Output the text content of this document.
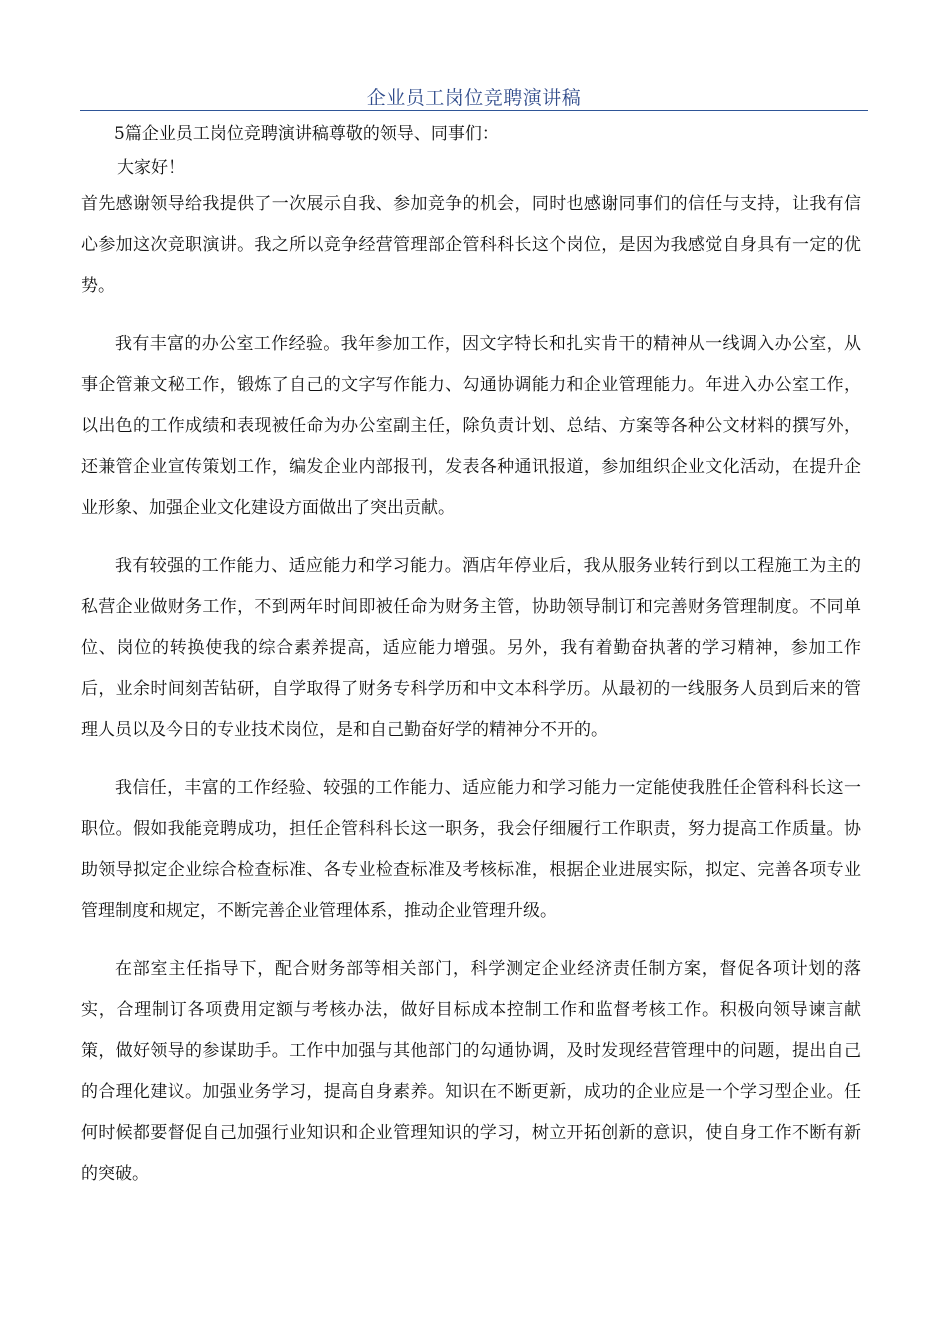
企业员工岗位竞聘演讲稿

5篇企业员工岗位竞聘演讲稿尊敬的领导、同事们：

大家好！

首先感谢领导给我提供了一次展示自我、参加竞争的机会，同时也感谢同事们的信任与支持，让我有信心参加这次竞职演讲。我之所以竞争经营管理部企管科科长这个岗位，是因为我感觉自身具有一定的优势。

我有丰富的办公室工作经验。我年参加工作，因文字特长和扎实肯干的精神从一线调入办公室，从事企管兼文秘工作，锻炼了自己的文字写作能力、勾通协调能力和企业管理能力。年进入办公室工作，以出色的工作成绩和表现被任命为办公室副主任，除负责计划、总结、方案等各种公文材料的撰写外，还兼管企业宣传策划工作，编发企业内部报刊，发表各种通讯报道，参加组织企业文化活动，在提升企业形象、加强企业文化建设方面做出了突出贡献。

我有较强的工作能力、适应能力和学习能力。酒店年停业后，我从服务业转行到以工程施工为主的私营企业做财务工作，不到两年时间即被任命为财务主管，协助领导制订和完善财务管理制度。不同单位、岗位的转换使我的综合素养提高，适应能力增强。另外，我有着勤奋执著的学习精神，参加工作后，业余时间刻苦钻研，自学取得了财务专科学历和中文本科学历。从最初的一线服务人员到后来的管理人员以及今日的专业技术岗位，是和自己勤奋好学的精神分不开的。

我信任，丰富的工作经验、较强的工作能力、适应能力和学习能力一定能使我胜任企管科科长这一职位。假如我能竞聘成功，担任企管科科长这一职务，我会仔细履行工作职责，努力提高工作质量。协助领导拟定企业综合检查标准、各专业检查标准及考核标准，根据企业进展实际，拟定、完善各项专业管理制度和规定，不断完善企业管理体系，推动企业管理升级。

在部室主任指导下，配合财务部等相关部门，科学测定企业经济责任制方案，督促各项计划的落实，合理制订各项费用定额与考核办法，做好目标成本控制工作和监督考核工作。积极向领导谏言献策，做好领导的参谋助手。工作中加强与其他部门的勾通协调，及时发现经营管理中的问题，提出自己的合理化建议。加强业务学习，提高自身素养。知识在不断更新，成功的企业应是一个学习型企业。任何时候都要督促自己加强行业知识和企业管理知识的学习，树立开拓创新的意识，使自身工作不断有新的突破。
